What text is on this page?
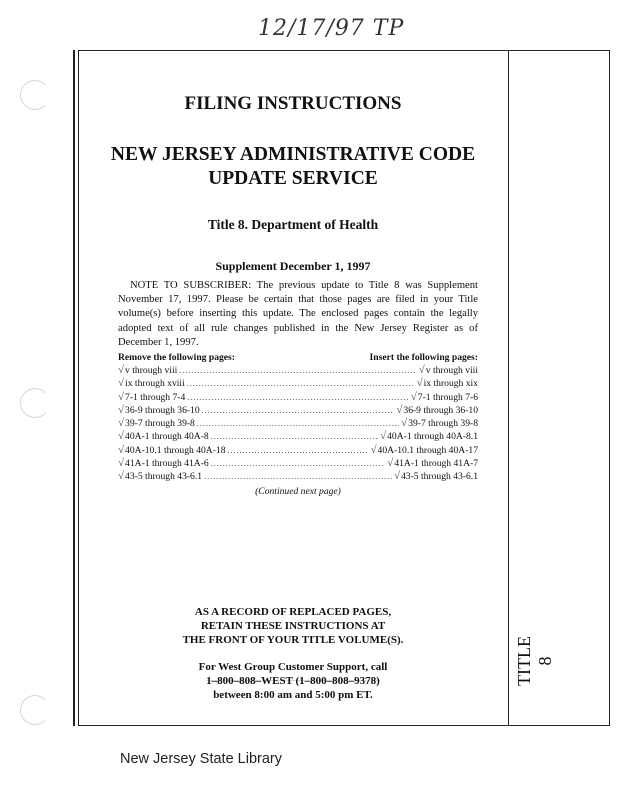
12/17/97 TP
TITLE 8
FILING INSTRUCTIONS
NEW JERSEY ADMINISTRATIVE CODE
UPDATE SERVICE
Title 8. Department of Health
Supplement December 1, 1997

NOTE TO SUBSCRIBER: The previous update to Title 8 was Supplement November 17, 1997. Please be certain that those pages are filed in your Title volume(s) before inserting this update. The enclosed pages contain the legally adopted text of all rule changes published in the New Jersey Register as of December 1, 1997.

Remove the following pages:	Insert the following pages:
√v through viii . . .	√v through viii
√ix through xviii . . .	√ix through xix
√7-1 through 7-4 . . .	√7-1 through 7-6
√36-9 through 36-10 . . .	√36-9 through 36-10
√39-7 through 39-8 . . .	√39-7 through 39-8
√40A-1 through 40A-8 . . .	√40A-1 through 40A-8.1
√40A-10.1 through 40A-18 . . .	√40A-10.1 through 40A-17
√41A-1 through 41A-6 . . .	√41A-1 through 41A-7
√43-5 through 43-6.1 . . .	√43-5 through 43-6.1
(Continued next page)
AS A RECORD OF REPLACED PAGES,
RETAIN THESE INSTRUCTIONS AT
THE FRONT OF YOUR TITLE VOLUME(S).
For West Group Customer Support, call
1–800–808–WEST (1–800–808–9378)
between 8:00 am and 5:00 pm ET.
New Jersey State Library
